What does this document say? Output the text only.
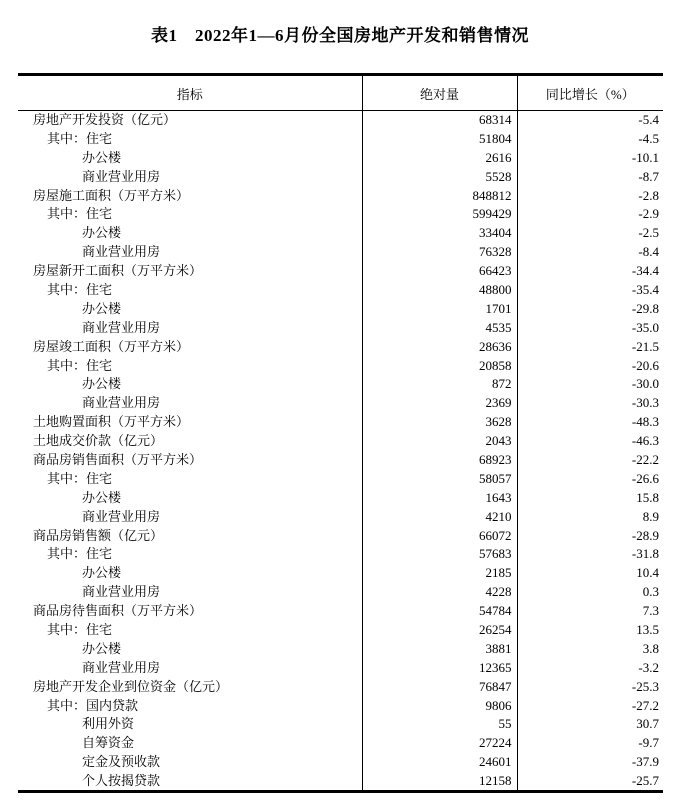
表1　2022年1—6月份全国房地产开发和销售情况
指标	绝对量	同比增长（%）
房地产开发投资（亿元）	68314	-5.4
其中：住宅	51804	-4.5
办公楼	2616	-10.1
商业营业用房	5528	-8.7
房屋施工面积（万平方米）	848812	-2.8
其中：住宅	599429	-2.9
办公楼	33404	-2.5
商业营业用房	76328	-8.4
房屋新开工面积（万平方米）	66423	-34.4
其中：住宅	48800	-35.4
办公楼	1701	-29.8
商业营业用房	4535	-35.0
房屋竣工面积（万平方米）	28636	-21.5
其中：住宅	20858	-20.6
办公楼	872	-30.0
商业营业用房	2369	-30.3
土地购置面积（万平方米）	3628	-48.3
土地成交价款（亿元）	2043	-46.3
商品房销售面积（万平方米）	68923	-22.2
其中：住宅	58057	-26.6
办公楼	1643	15.8
商业营业用房	4210	8.9
商品房销售额（亿元）	66072	-28.9
其中：住宅	57683	-31.8
办公楼	2185	10.4
商业营业用房	4228	0.3
商品房待售面积（万平方米）	54784	7.3
其中：住宅	26254	13.5
办公楼	3881	3.8
商业营业用房	12365	-3.2
房地产开发企业到位资金（亿元）	76847	-25.3
其中：国内贷款	9806	-27.2
利用外资	55	30.7
自筹资金	27224	-9.7
定金及预收款	24601	-37.9
个人按揭贷款	12158	-25.7
